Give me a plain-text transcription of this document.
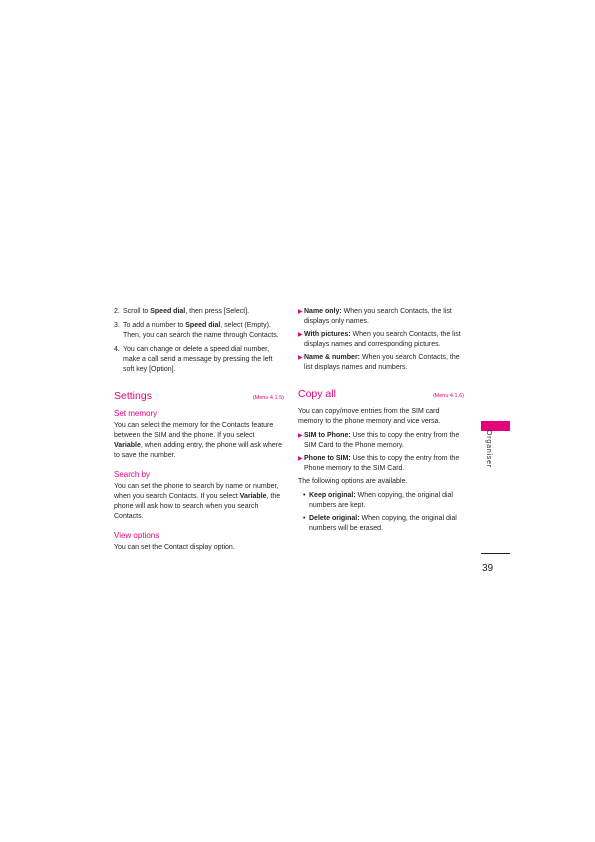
2. Scroll to Speed dial, then press [Select].
3. To add a number to Speed dial, select (Empty). Then, you can search the name through Contacts.
4. You can change or delete a speed dial number, make a call send a message by pressing the left soft key [Option].
Settings	(Menu 4.1.5)
Set memory
You can select the memory for the Contacts feature between the SIM and the phone. If you select Variable, when adding entry, the phone will ask where to save the number.
Search by
You can set the phone to search by name or number, when you search Contacts. If you select Variable, the phone will ask how to search when you search Contacts.
View options
You can set the Contact display option.
▶ Name only: When you search Contacts, the list displays only names.
▶ With pictures: When you search Contacts, the list displays names and corresponding pictures.
▶ Name & number: When you search Contacts, the list displays names and numbers.
Copy all	(Menu 4.1.6)
You can copy/move entries from the SIM card memory to the phone memory and vice versa.
▶ SIM to Phone: Use this to copy the entry from the SIM Card to the Phone memory.
▶ Phone to SIM: Use this to copy the entry from the Phone memory to the SIM Card.
The following options are available.
• Keep original: When copying, the original dial numbers are kept.
• Delete original: When copying, the original dial numbers will be erased.
Organiser
39
